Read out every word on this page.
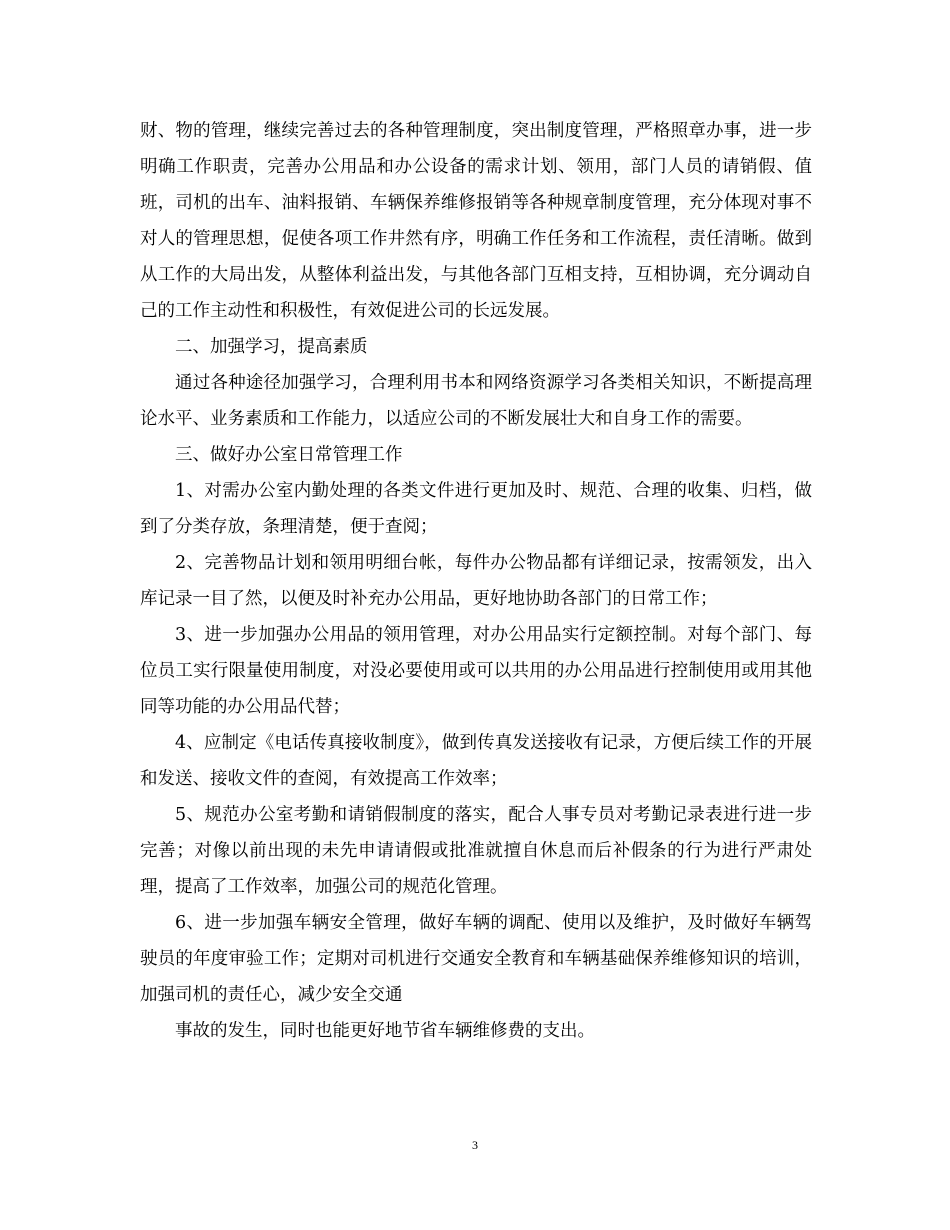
财、物的管理，继续完善过去的各种管理制度，突出制度管理，严格照章办事，进一步明确工作职责，完善办公用品和办公设备的需求计划、领用，部门人员的请销假、值班，司机的出车、油料报销、车辆保养维修报销等各种规章制度管理，充分体现对事不对人的管理思想，促使各项工作井然有序，明确工作任务和工作流程，责任清晰。做到从工作的大局出发，从整体利益出发，与其他各部门互相支持，互相协调，充分调动自己的工作主动性和积极性，有效促进公司的长远发展。

二、加强学习，提高素质

通过各种途径加强学习，合理利用书本和网络资源学习各类相关知识，不断提高理论水平、业务素质和工作能力，以适应公司的不断发展壮大和自身工作的需要。

三、做好办公室日常管理工作

1、对需办公室内勤处理的各类文件进行更加及时、规范、合理的收集、归档，做到了分类存放，条理清楚，便于查阅；

2、完善物品计划和领用明细台帐，每件办公物品都有详细记录，按需领发，出入库记录一目了然，以便及时补充办公用品，更好地协助各部门的日常工作；

3、进一步加强办公用品的领用管理，对办公用品实行定额控制。对每个部门、每位员工实行限量使用制度，对没必要使用或可以共用的办公用品进行控制使用或用其他同等功能的办公用品代替；

4、应制定《电话传真接收制度》，做到传真发送接收有记录，方便后续工作的开展和发送、接收文件的查阅，有效提高工作效率；

5、规范办公室考勤和请销假制度的落实，配合人事专员对考勤记录表进行进一步完善；对像以前出现的未先申请请假或批准就擅自休息而后补假条的行为进行严肃处理，提高了工作效率，加强公司的规范化管理。

6、进一步加强车辆安全管理，做好车辆的调配、使用以及维护，及时做好车辆驾驶员的年度审验工作；定期对司机进行交通安全教育和车辆基础保养维修知识的培训，加强司机的责任心，减少安全交通

事故的发生，同时也能更好地节省车辆维修费的支出。

3
